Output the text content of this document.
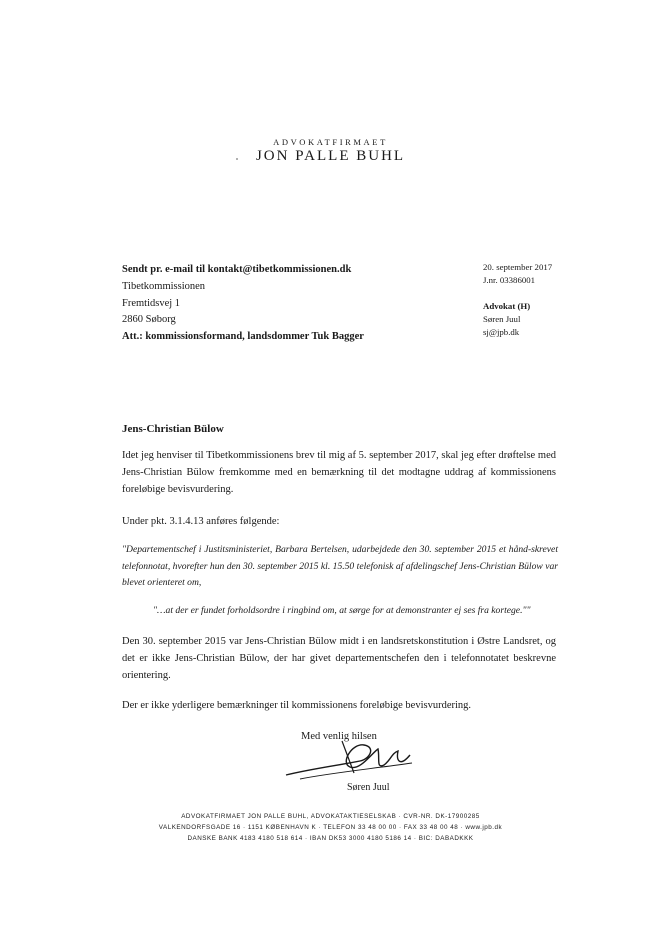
ADVOKATFIRMAET
JON PALLE BUHL
Sendt pr. e-mail til kontakt@tibetkommissionen.dk
Tibetkommissionen
Fremtidsvej 1
2860 Søborg
Att.: kommissionsformand, landsdommer Tuk Bagger
20. september 2017
J.nr. 03386001
Advokat (H)
Søren Juul
sj@jpb.dk
Jens-Christian Bülow
Idet jeg henviser til Tibetkommissionens brev til mig af 5. september 2017, skal jeg efter drøftelse med Jens-Christian Bülow fremkomme med en bemærkning til det modtagne uddrag af kommissionens foreløbige bevisvurdering.
Under pkt. 3.1.4.13 anføres følgende:
"Departementschef i Justitsministeriet, Barbara Bertelsen, udarbejdede den 30. september 2015 et hånd-skrevet telefonnotat, hvorefter hun den 30. september 2015 kl. 15.50 telefonisk af afdelingschef Jens-Christian Bülow var blevet orienteret om,
"…at der er fundet forholdsordre i ringbind om, at sørge for at demonstranter ej ses fra kortege.""
Den 30. september 2015 var Jens-Christian Bülow midt i en landsretskonstitution i Østre Landsret, og det er ikke Jens-Christian Bülow, der har givet departementschefen den i telefonnotatet beskrevne orientering.
Der er ikke yderligere bemærkninger til kommissionens foreløbige bevisvurdering.
Med venlig hilsen
Søren Juul
ADVOKATFIRMAET JON PALLE BUHL, ADVOKATAKTIESELSKAB · CVR-NR. DK-17900285
VALKENDORFSGADE 16 · 1151 KØBENHAVN K · TELEFON 33 48 00 00 · FAX 33 48 00 48 · www.jpb.dk
DANSKE BANK 4183 4180 518 614 · IBAN DK53 3000 4180 5186 14 · BIC: DABADKKK
